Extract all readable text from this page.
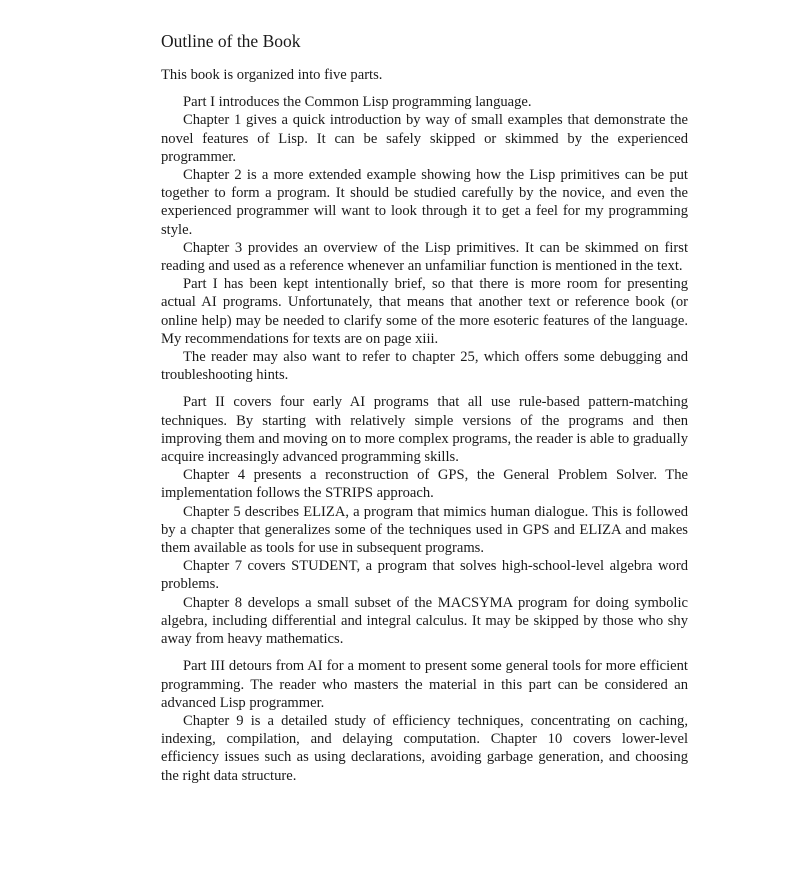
Outline of the Book

This book is organized into five parts.

Part I introduces the Common Lisp programming language.

Chapter 1 gives a quick introduction by way of small examples that demonstrate the novel features of Lisp. It can be safely skipped or skimmed by the experienced programmer.

Chapter 2 is a more extended example showing how the Lisp primitives can be put together to form a program. It should be studied carefully by the novice, and even the experienced programmer will want to look through it to get a feel for my programming style.

Chapter 3 provides an overview of the Lisp primitives. It can be skimmed on first reading and used as a reference whenever an unfamiliar function is mentioned in the text.

Part I has been kept intentionally brief, so that there is more room for presenting actual AI programs. Unfortunately, that means that another text or reference book (or online help) may be needed to clarify some of the more esoteric features of the language. My recommendations for texts are on page xiii.

The reader may also want to refer to chapter 25, which offers some debugging and troubleshooting hints.

Part II covers four early AI programs that all use rule-based pattern-matching techniques. By starting with relatively simple versions of the programs and then improving them and moving on to more complex programs, the reader is able to gradually acquire increasingly advanced programming skills.

Chapter 4 presents a reconstruction of GPS, the General Problem Solver. The implementation follows the STRIPS approach.

Chapter 5 describes ELIZA, a program that mimics human dialogue. This is followed by a chapter that generalizes some of the techniques used in GPS and ELIZA and makes them available as tools for use in subsequent programs.

Chapter 7 covers STUDENT, a program that solves high-school-level algebra word problems.

Chapter 8 develops a small subset of the MACSYMA program for doing symbolic algebra, including differential and integral calculus. It may be skipped by those who shy away from heavy mathematics.

Part III detours from AI for a moment to present some general tools for more efficient programming. The reader who masters the material in this part can be considered an advanced Lisp programmer.

Chapter 9 is a detailed study of efficiency techniques, concentrating on caching, indexing, compilation, and delaying computation. Chapter 10 covers lower-level efficiency issues such as using declarations, avoiding garbage generation, and choosing the right data structure.
